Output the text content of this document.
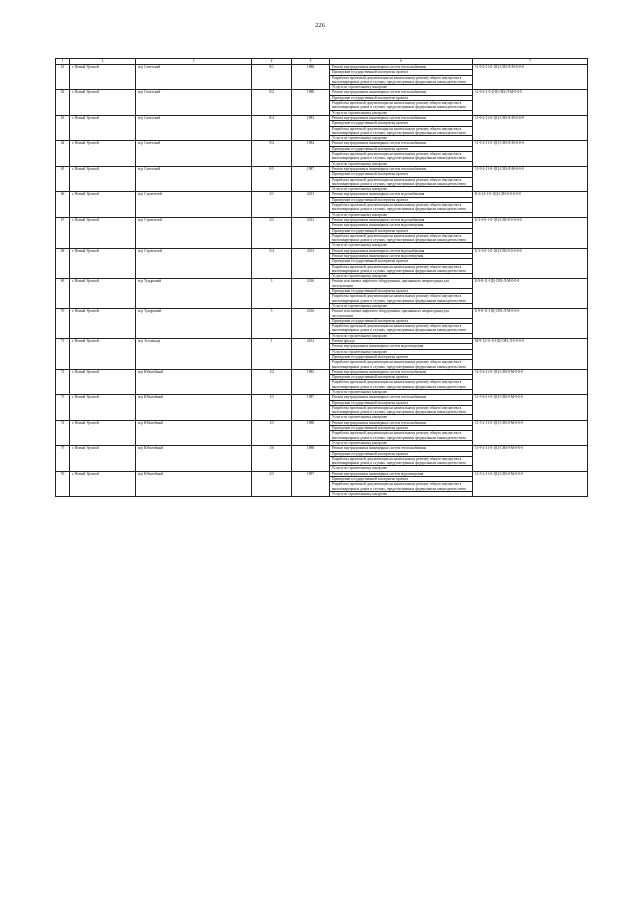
226
1	2	3	4	5	6	7
61	г. Новый Уренгой	м/р Советский	8/1	1988	Ремонт внутридомовых инженерных систем теплоснабжения
Проведение государственной экспертизы проекта
Разработка проектной документации на капитальному ремонту общего имущества в многоквартирных домах в случаях, предусмотренных федеральным законодательством
Услуги по строительному контролю	11-9-2-11-0-1[Ц-СЯЗ-Л-М-0-0-8
62	г. Новый Уренгой	м/р Советский	8/2	1988	Ремонт внутридомовых инженерных систем теплоснабжения
Проведение государственной экспертизы проекта
Разработка проектной документации на капитальному ремонту общего имущества в многоквартирных домах в случаях, предусмотренных федеральным законодательством
Услуги по строительному контролю	11-9-4-1-0-1[Ц-СЯЗ-Л-М-0-0-0
63	г. Новый Уренгой	м/р Советский	8/4	1983	Ремонт внутридомовых инженерных систем теплоснабжения
Проведение государственной экспертизы проекта
Разработка проектной документации на капитальному ремонту общего имущества в многоквартирных домах в случаях, предусмотренных федеральным законодательством
Услуги по строительному контролю	11-9-2-11-0-1[Ц-СЯЗ-Л-М-0-0-8
64	г. Новый Уренгой	м/р Советский	9/4	1984	Ремонт внутридомовых инженерных систем теплоснабжения
Проведение государственной экспертизы проекта
Разработка проектной документации на капитальному ремонту общего имущества в многоквартирных домах в случаях, предусмотренных федеральным законодательством
Услуги по строительному контролю	11-9-2-11-0-1[Ц-СЯЗ-Л-М-0-0-0
65	г. Новый Уренгой	м/р Советский	9/5	1987	Ремонт внутридомовых инженерных систем теплоснабжения
Проведение государственной экспертизы проекта
Разработка проектной документации на капитальному ремонту общего имущества в многоквартирных домах в случаях, предусмотренных федеральным законодательством
Услуги по строительному контролю	11-9-2-11-0-1[Ц-СЯЗ-Л-М-0-0-0
66	г. Новый Уренгой	м/р Строителей	3/1	2013	Ремонт внутридомовых инженерных систем водоснабжения
Проведение государственной экспертизы проекта
Разработка проектной документации на капитальному ремонту общего имущества в многоквартирных домах в случаях, предусмотренных федеральным законодательством
Услуги по строительному контролю	К-6-14-1-0-1[Ц-СЯЗ-0-0-0-0-0
67	г. Новый Уренгой	м/р Строителей	3/3	2013	Ремонт внутридомовых инженерных систем водоснабжения
Ремонт внутридомовых инженерных систем водоотведения
Проведение государственной экспертизы проекта
Разработка проектной документации на капитальному ремонту общего имущества в многоквартирных домах в случаях, предусмотренных федеральным законодательством
Услуги по строительному контролю	Б-3-3-0-1-0-1[Ц-СЯЗ-0-0-0-0-0
68	г. Новый Уренгой	м/р Строителей	3/4	2013	Ремонт внутридомовых инженерных систем водоснабжения
Ремонт внутридомовых инженерных систем водоотведения
Проведение государственной экспертизы проекта
Разработка проектной документации на капитальному ремонту общего имущества в многоквартирных домах в случаях, предусмотренных федеральным законодательством
Услуги по строительному контролю	Б-3-3-0-1-0-1[Ц-СЯЗ-0-0-0-0-0
69	г. Новый Уренгой	м/р Тундровый	3	2016	Ремонт или замена лифтового оборудования, признанного непригодным для эксплуатации
Проведение государственной экспертизы проекта
Разработка проектной документации на капитальному ремонту общего имущества в многоквартирных домах в случаях, предусмотренных федеральным законодательством
Услуги по строительному контролю	Б-9-8-11-1[Ц-СЯЗ-Л-М-0-0-0
70	г. Новый Уренгой	м/р Тундровый	5	2016	Ремонт или замена лифтового оборудования, признанного непригодным для эксплуатации
Проведение государственной экспертизы проекта
Разработка проектной документации на капитальному ремонту общего имущества в многоквартирных домах в случаях, предусмотренных федеральным законодательством
Услуги по строительному контролю	Б-9-8-11-1[Ц-СЯЗ-Л-М-0-0-0
71	г. Новый Уренгой	м/р Эспланада	1	2012	Ремонт фасада
Ремонт внутридомовых инженерных систем водоотведения
Услуги по строительному контролю
Проведение государственной экспертизы проекта
Разработка проектной документации на капитальному ремонту общего имущества в многоквартирных домах в случаях, предусмотренных федеральным законодательством	М-9-12-11-0-1[Ц-СЯЗ-Л-0-0-0-0
72	г. Новый Уренгой	м/р Юбилейный	1/2	1983	Ремонт внутридомовых инженерных систем теплоснабжения
Проведение государственной экспертизы проекта
Разработка проектной документации на капитальному ремонту общего имущества в многоквартирных домах в случаях, предусмотренных федеральным законодательством
Услуги по строительному контролю	11-5-4-11-0-1[Ц-СЯЗ-0-М-0-0-0
73	г. Новый Уренгой	м/р Юбилейный	1/3	1987	Ремонт внутридомовых инженерных систем теплоснабжения
Проведение государственной экспертизы проекта
Разработка проектной документации на капитальному ремонту общего имущества в многоквартирных домах в случаях, предусмотренных федеральным законодательством
Услуги по строительному контролю	11-5-6-11-0-1[Ц-СЯЗ-0-М-0-0-0
74	г. Новый Уренгой	м/р Юбилейный	1/5	1988	Ремонт внутридомовых инженерных систем теплоснабжения
Проведение государственной экспертизы проекта
Разработка проектной документации на капитальному ремонту общего имущества в многоквартирных домах в случаях, предусмотренных федеральным законодательством
Услуги по строительному контролю	11-5-2-11-0-1[Ц-СЯЗ-0-М-0-0-0
75	г. Новый Уренгой	м/р Юбилейный	1/6	1988	Ремонт внутридомовых инженерных систем теплоснабжения
Проведение государственной экспертизы проекта
Разработка проектной документации на капитальному ремонту общего имущества в многоквартирных домах в случаях, предусмотренных федеральным законодательством
Услуги по строительному контролю	11-9-2-11-0-1[Ц-СЯЗ-0-М-0-0-0
76	г. Новый Уренгой	м/р Юбилейный	2/3	1997	Ремонт внутридомовых инженерных систем водоотведения
Проведение государственной экспертизы проекта
Разработка проектной документации на капитальному ремонту общего имущества в многоквартирных домах в случаях, предусмотренных федеральным законодательством
Услуги по строительному контролю	11-5-2-11-0-1[Ц-СЯЗ-0-М-0-0-0
